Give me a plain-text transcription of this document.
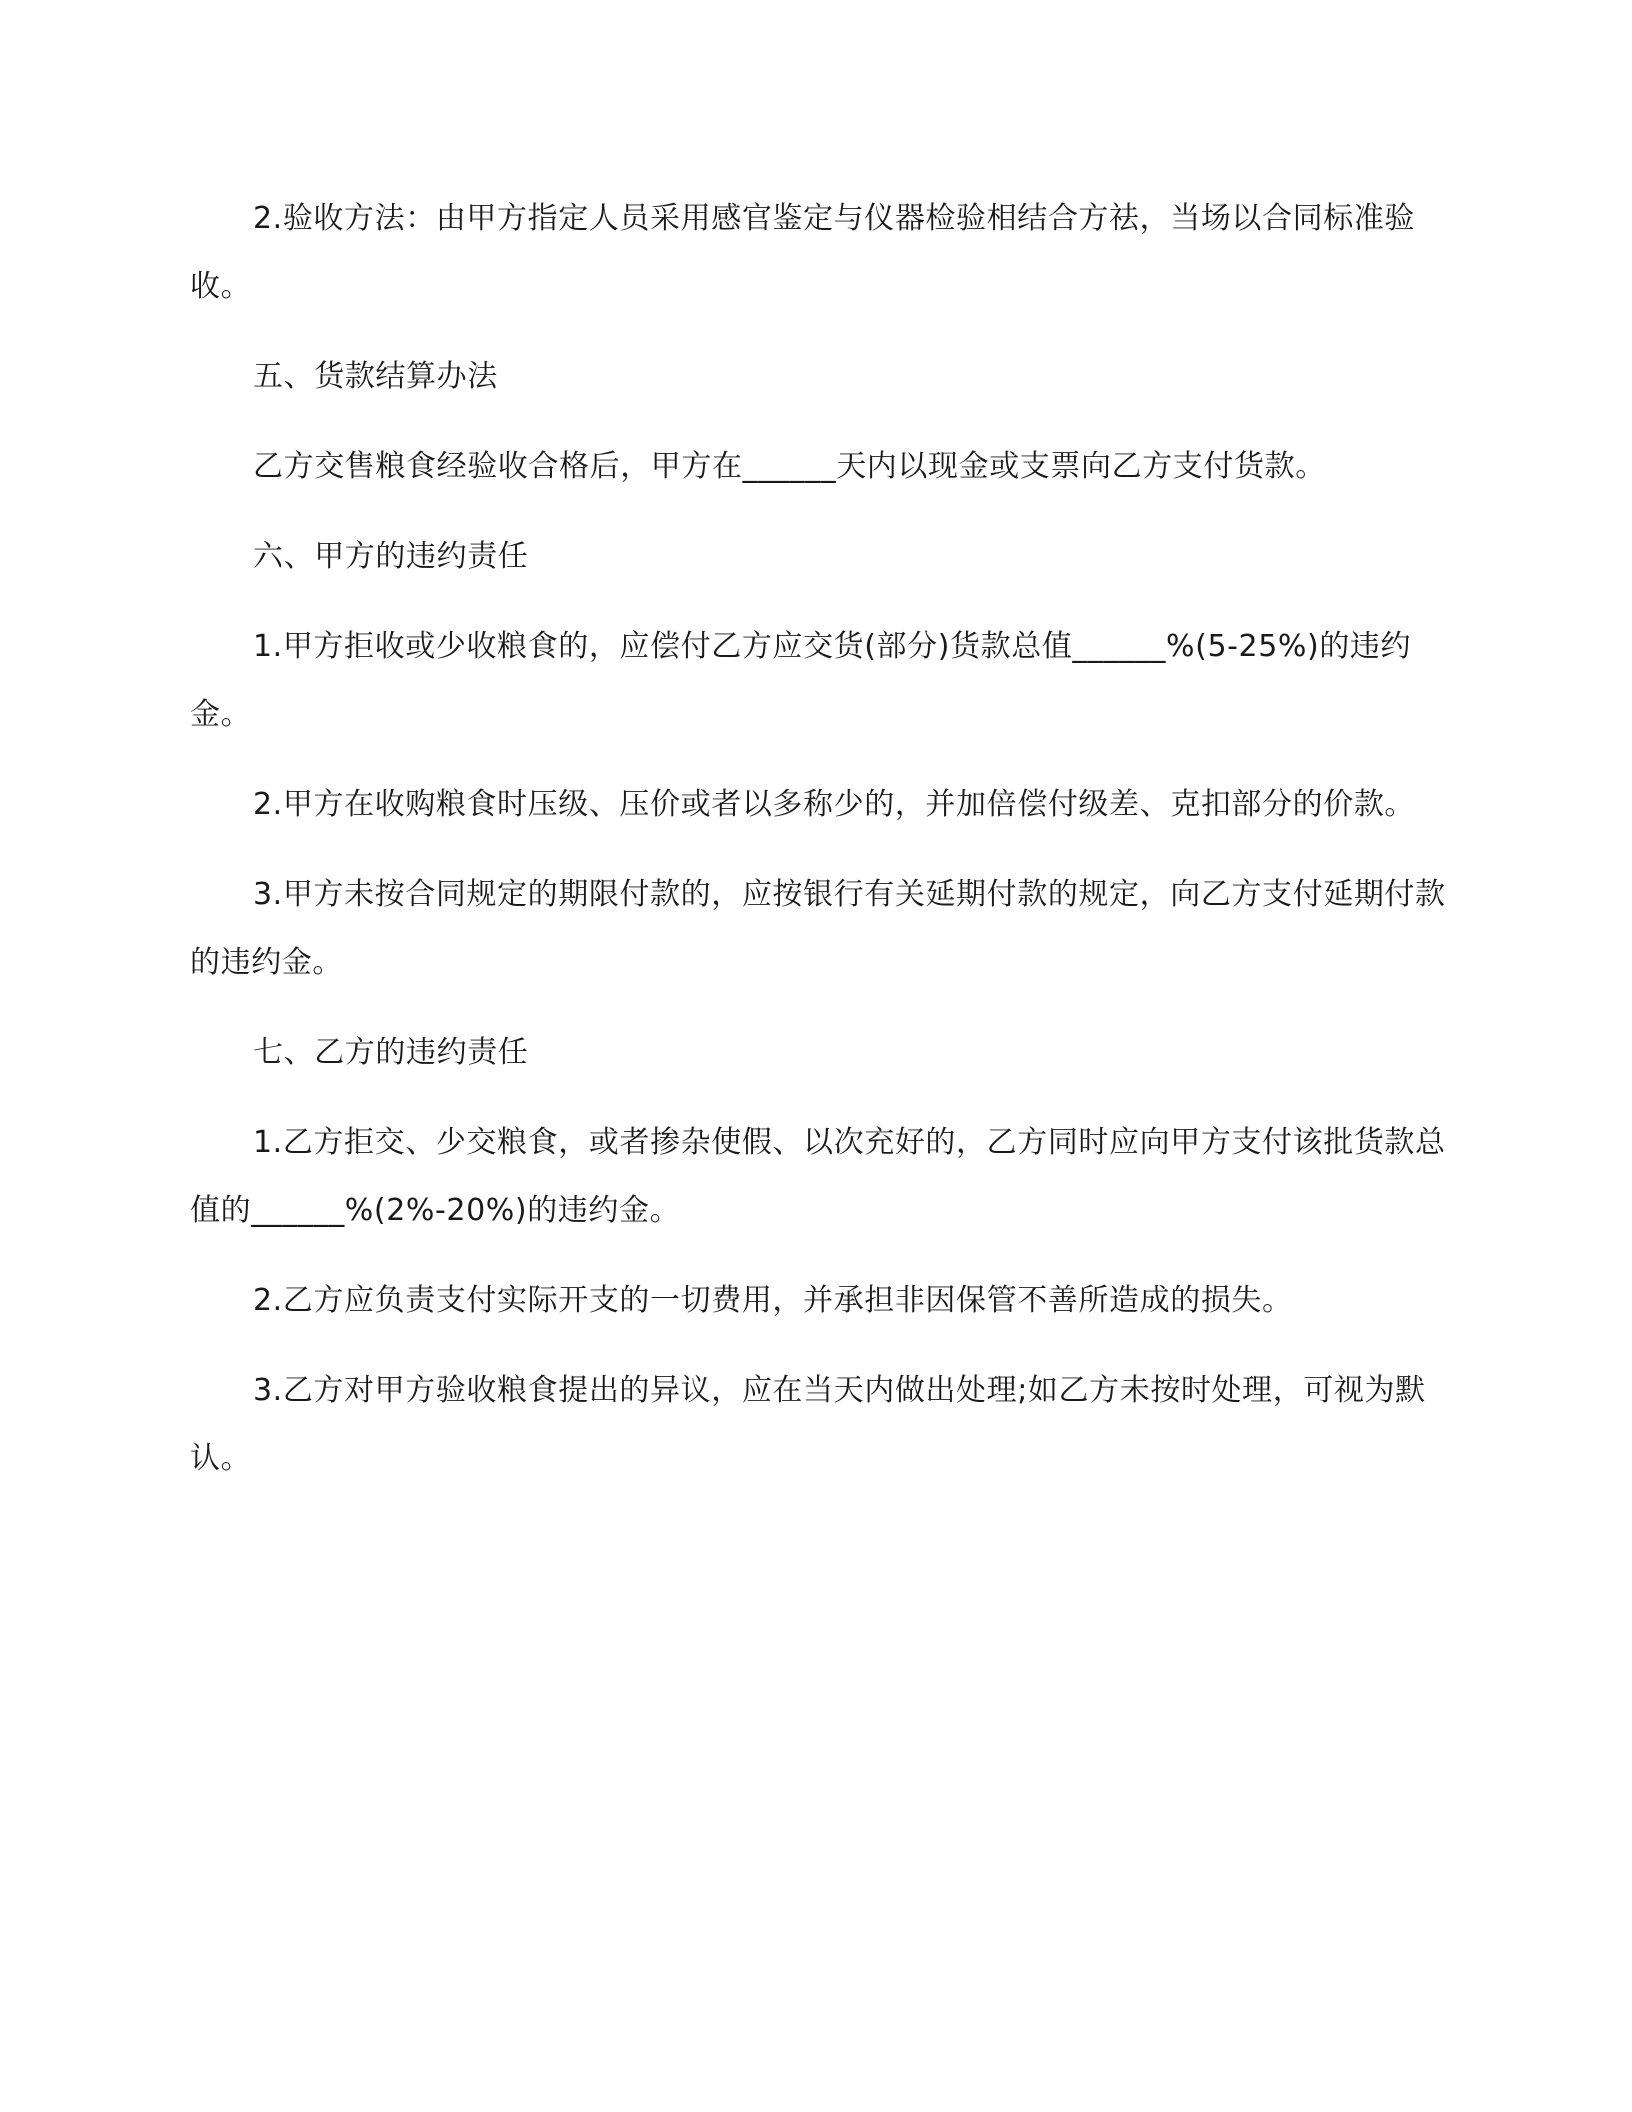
2.验收方法：由甲方指定人员采用感官鉴定与仪器检验相结合方祛，当场以合同标准验收。

五、货款结算办法

乙方交售粮食经验收合格后，甲方在______天内以现金或支票向乙方支付货款。

六、甲方的违约责任

1.甲方拒收或少收粮食的，应偿付乙方应交货(部分)货款总值______%(5-25%)的违约金。

2.甲方在收购粮食时压级、压价或者以多称少的，并加倍偿付级差、克扣部分的价款。

3.甲方未按合同规定的期限付款的，应按银行有关延期付款的规定，向乙方支付延期付款的违约金。

七、乙方的违约责任

1.乙方拒交、少交粮食，或者掺杂使假、以次充好的，乙方同时应向甲方支付该批货款总值的______%(2%-20%)的违约金。

2.乙方应负责支付实际开支的一切费用，并承担非因保管不善所造成的损失。

3.乙方对甲方验收粮食提出的异议，应在当天内做出处理;如乙方未按时处理，可视为默认。
